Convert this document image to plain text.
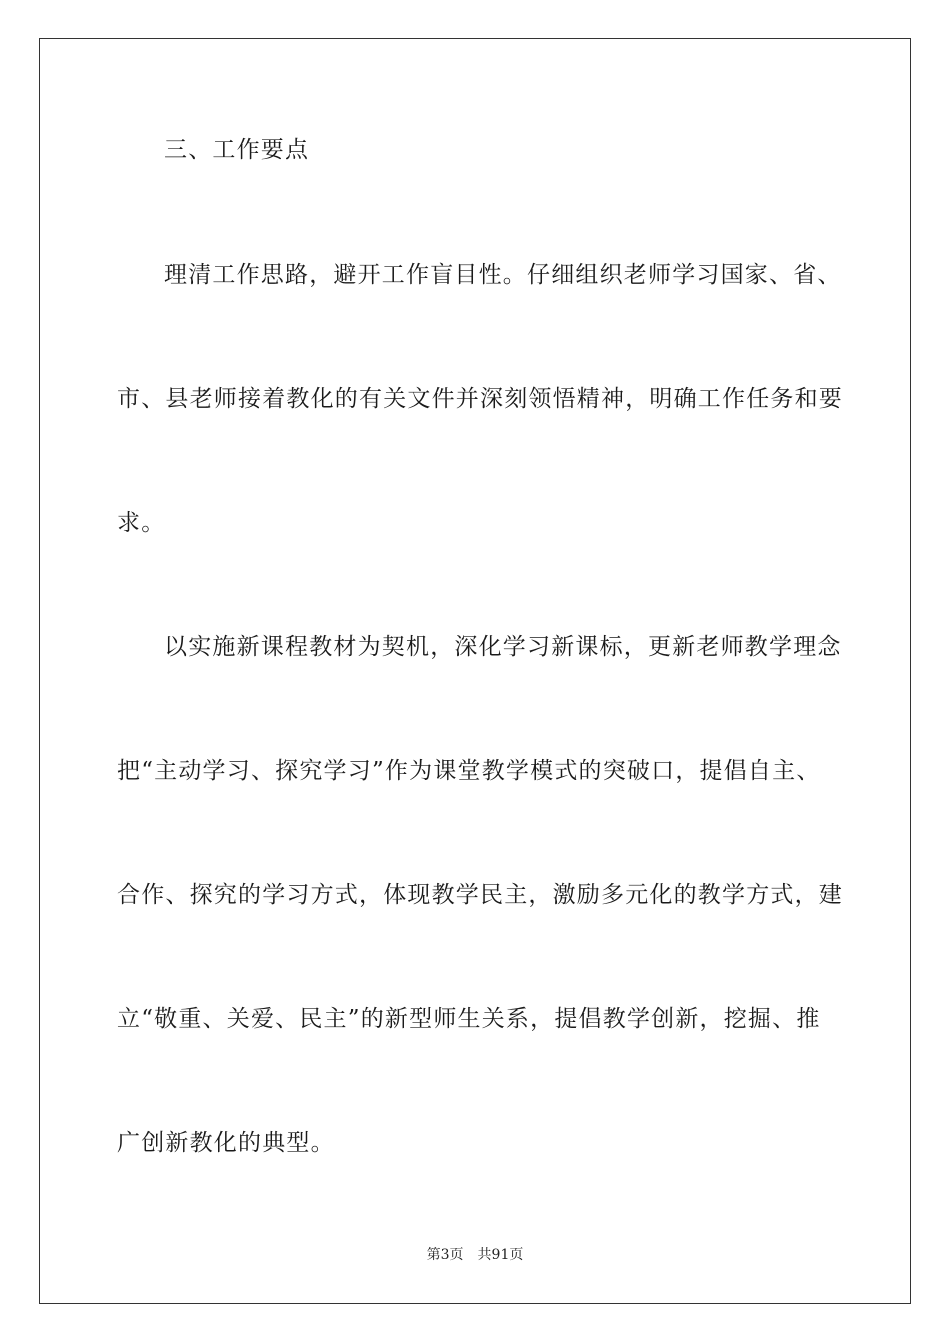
三、工作要点
理清工作思路，避开工作盲目性。仔细组织老师学习国家、省、
市、县老师接着教化的有关文件并深刻领悟精神，明确工作任务和要
求。
以实施新课程教材为契机，深化学习新课标，更新老师教学理念
把“主动学习、探究学习”作为课堂教学模式的突破口，提倡自主、
合作、探究的学习方式，体现教学民主，激励多元化的教学方式，建
立“敬重、关爱、民主”的新型师生关系，提倡教学创新，挖掘、推
广创新教化的典型。
第3页 共91页
